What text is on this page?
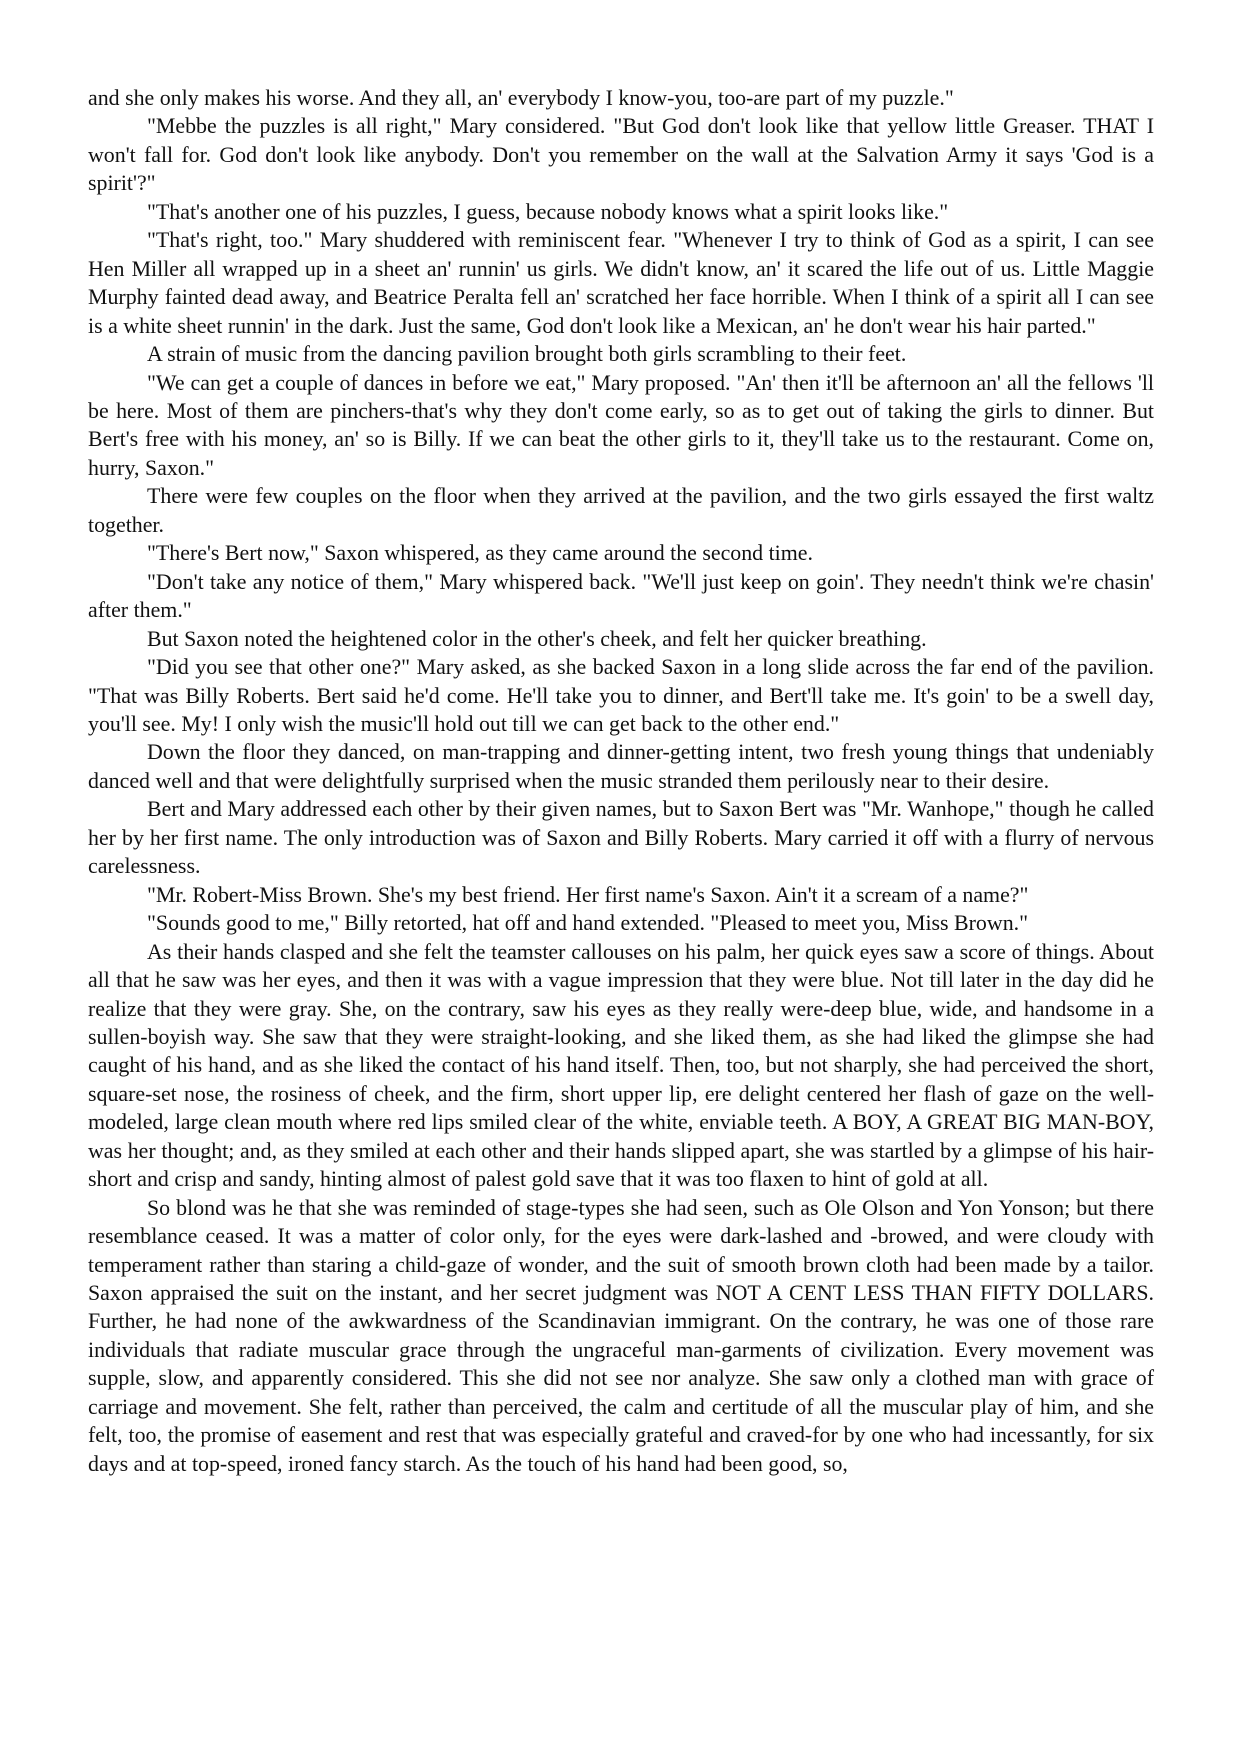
and she only makes his worse. And they all, an' everybody I know-you, too-are part of my puzzle."

"Mebbe the puzzles is all right," Mary considered. "But God don't look like that yellow little Greaser. THAT I won't fall for. God don't look like anybody. Don't you remember on the wall at the Salvation Army it says 'God is a spirit'?"

"That's another one of his puzzles, I guess, because nobody knows what a spirit looks like."

"That's right, too." Mary shuddered with reminiscent fear. "Whenever I try to think of God as a spirit, I can see Hen Miller all wrapped up in a sheet an' runnin' us girls. We didn't know, an' it scared the life out of us. Little Maggie Murphy fainted dead away, and Beatrice Peralta fell an' scratched her face horrible. When I think of a spirit all I can see is a white sheet runnin' in the dark. Just the same, God don't look like a Mexican, an' he don't wear his hair parted."

A strain of music from the dancing pavilion brought both girls scrambling to their feet.

"We can get a couple of dances in before we eat," Mary proposed. "An' then it'll be afternoon an' all the fellows 'll be here. Most of them are pinchers-that's why they don't come early, so as to get out of taking the girls to dinner. But Bert's free with his money, an' so is Billy. If we can beat the other girls to it, they'll take us to the restaurant. Come on, hurry, Saxon."

There were few couples on the floor when they arrived at the pavilion, and the two girls essayed the first waltz together.

"There's Bert now," Saxon whispered, as they came around the second time.

"Don't take any notice of them," Mary whispered back. "We'll just keep on goin'. They needn't think we're chasin' after them."

But Saxon noted the heightened color in the other's cheek, and felt her quicker breathing.

"Did you see that other one?" Mary asked, as she backed Saxon in a long slide across the far end of the pavilion. "That was Billy Roberts. Bert said he'd come. He'll take you to dinner, and Bert'll take me. It's goin' to be a swell day, you'll see. My! I only wish the music'll hold out till we can get back to the other end."

Down the floor they danced, on man-trapping and dinner-getting intent, two fresh young things that undeniably danced well and that were delightfully surprised when the music stranded them perilously near to their desire.

Bert and Mary addressed each other by their given names, but to Saxon Bert was "Mr. Wanhope," though he called her by her first name. The only introduction was of Saxon and Billy Roberts. Mary carried it off with a flurry of nervous carelessness.

"Mr. Robert-Miss Brown. She's my best friend. Her first name's Saxon. Ain't it a scream of a name?"

"Sounds good to me," Billy retorted, hat off and hand extended. "Pleased to meet you, Miss Brown."

As their hands clasped and she felt the teamster callouses on his palm, her quick eyes saw a score of things. About all that he saw was her eyes, and then it was with a vague impression that they were blue. Not till later in the day did he realize that they were gray. She, on the contrary, saw his eyes as they really were-deep blue, wide, and handsome in a sullen-boyish way. She saw that they were straight-looking, and she liked them, as she had liked the glimpse she had caught of his hand, and as she liked the contact of his hand itself. Then, too, but not sharply, she had perceived the short, square-set nose, the rosiness of cheek, and the firm, short upper lip, ere delight centered her flash of gaze on the well-modeled, large clean mouth where red lips smiled clear of the white, enviable teeth. A BOY, A GREAT BIG MAN-BOY, was her thought; and, as they smiled at each other and their hands slipped apart, she was startled by a glimpse of his hair-short and crisp and sandy, hinting almost of palest gold save that it was too flaxen to hint of gold at all.

So blond was he that she was reminded of stage-types she had seen, such as Ole Olson and Yon Yonson; but there resemblance ceased. It was a matter of color only, for the eyes were dark-lashed and -browed, and were cloudy with temperament rather than staring a child-gaze of wonder, and the suit of smooth brown cloth had been made by a tailor. Saxon appraised the suit on the instant, and her secret judgment was NOT A CENT LESS THAN FIFTY DOLLARS. Further, he had none of the awkwardness of the Scandinavian immigrant. On the contrary, he was one of those rare individuals that radiate muscular grace through the ungraceful man-garments of civilization. Every movement was supple, slow, and apparently considered. This she did not see nor analyze. She saw only a clothed man with grace of carriage and movement. She felt, rather than perceived, the calm and certitude of all the muscular play of him, and she felt, too, the promise of easement and rest that was especially grateful and craved-for by one who had incessantly, for six days and at top-speed, ironed fancy starch. As the touch of his hand had been good, so,
